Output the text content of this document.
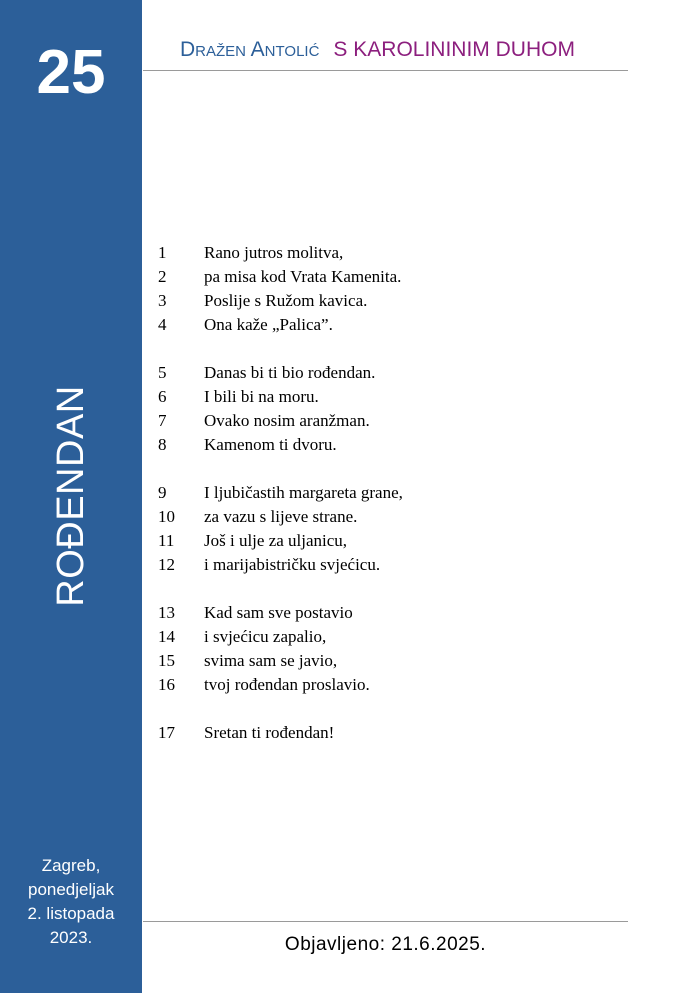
25
ROĐENDAN
Zagreb,
ponedjeljak
2. listopada
2023.
Dražen Antolić S KAROLININIM DUHOM
1 Rano jutros molitva,
2 pa misa kod Vrata Kamenita.
3 Poslije s Ružom kavica.
4 Ona kaže „Palica”.
5 Danas bi ti bio rođendan.
6 I bili bi na moru.
7 Ovako nosim aranžman.
8 Kamenom ti dvoru.
9 I ljubičastih margareta grane,
10 za vazu s lijeve strane.
11 Još i ulje za uljanicu,
12 i marijabistričku svjećicu.
13 Kad sam sve postavio
14 i svjećicu zapalio,
15 svima sam se javio,
16 tvoj rođendan proslavio.
17 Sretan ti rođendan!
Objavljeno: 21.6.2025.
